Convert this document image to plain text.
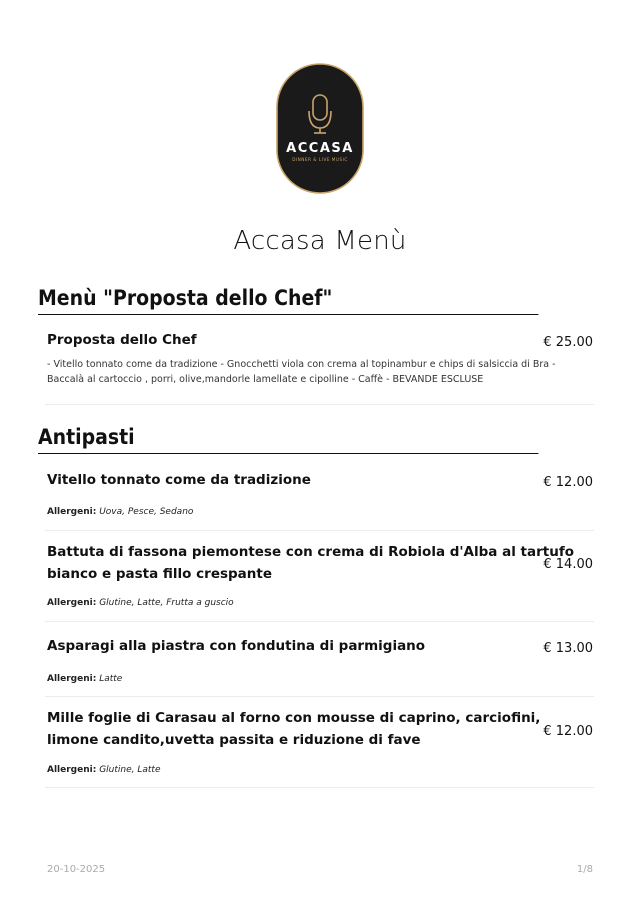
ACCASA
DINNER & LIVE MUSIC
Accasa Menù
Menù "Proposta dello Chef"
Proposta dello Chef	€ 25.00
- Vitello tonnato come da tradizione - Gnocchetti viola con crema al topinambur e chips di salsiccia di Bra - Baccalà al cartoccio , porri, olive,mandorle lamellate e cipolline - Caffè - BEVANDE ESCLUSE
Antipasti
Vitello tonnato come da tradizione	€ 12.00
Allergeni: Uova, Pesce, Sedano
Battuta di fassona piemontese con crema di Robiola d'Alba al tartufo
bianco e pasta fillo crespante
€ 14.00
Allergeni: Glutine, Latte, Frutta a guscio
Asparagi alla piastra con fondutina di parmigiano	€ 13.00
Allergeni: Latte
Mille foglie di Carasau al forno con mousse di caprino, carciofini,
limone candito,uvetta passita e riduzione di fave
€ 12.00
Allergeni: Glutine, Latte
20-10-2025	1/8
